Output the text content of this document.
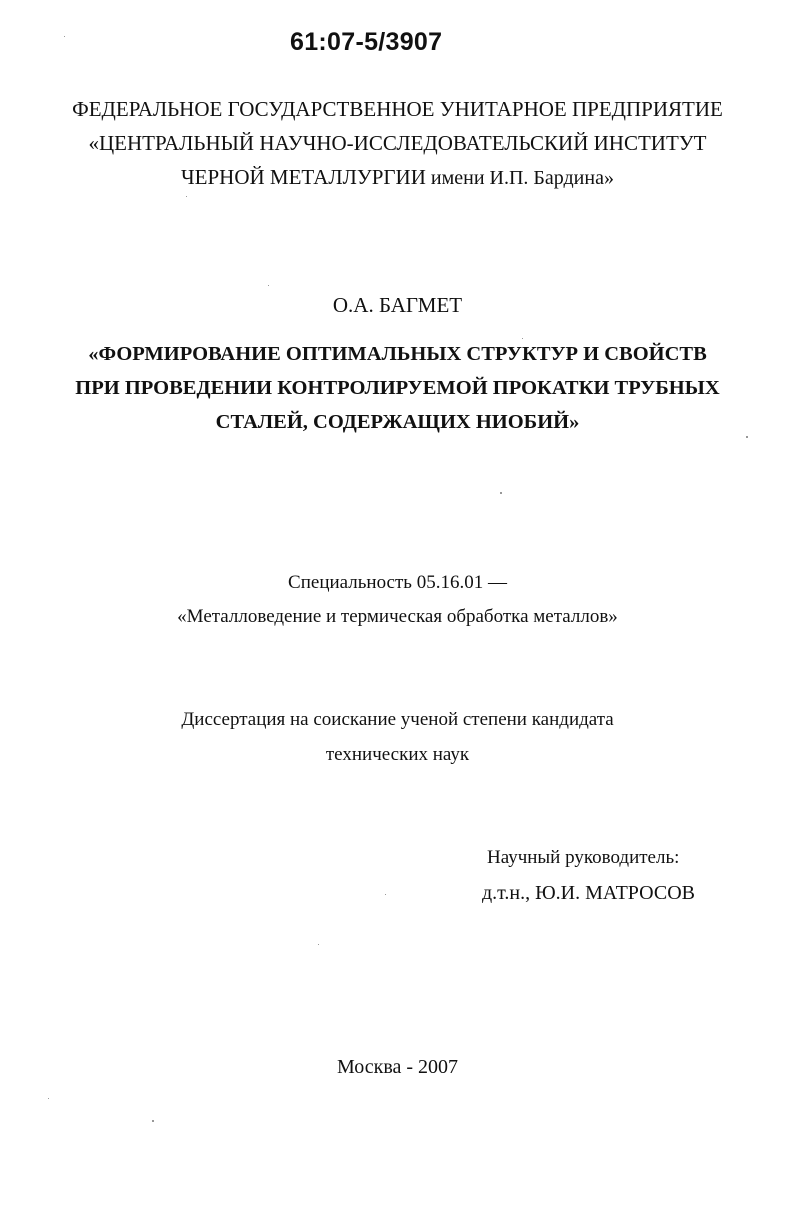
61:07-5/3907
ФЕДЕРАЛЬНОЕ ГОСУДАРСТВЕННОЕ УНИТАРНОЕ ПРЕДПРИЯТИЕ
«ЦЕНТРАЛЬНЫЙ НАУЧНО-ИССЛЕДОВАТЕЛЬСКИЙ ИНСТИТУТ
ЧЕРНОЙ МЕТАЛЛУРГИИ имени И.П. Бардина»
О.А. БАГМЕТ
«ФОРМИРОВАНИЕ ОПТИМАЛЬНЫХ СТРУКТУР И СВОЙСТВ
ПРИ ПРОВЕДЕНИИ КОНТРОЛИРУЕМОЙ ПРОКАТКИ ТРУБНЫХ
СТАЛЕЙ, СОДЕРЖАЩИХ НИОБИЙ»
Специальность 05.16.01 —
«Металловедение и термическая обработка металлов»
Диссертация на соискание ученой степени кандидата
технических наук
Научный руководитель:
д.т.н., Ю.И. МАТРОСОВ
Москва - 2007
